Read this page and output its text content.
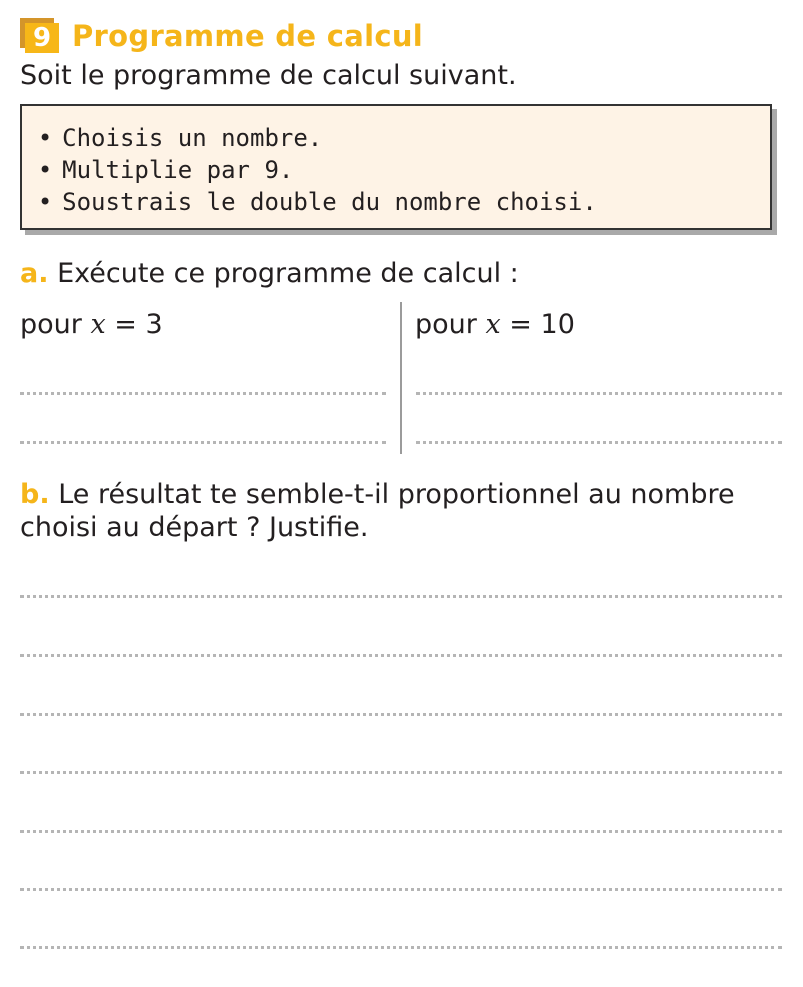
9 Programme de calcul
Soit le programme de calcul suivant.
• Choisis un nombre.
• Multiplie par 9.
• Soustrais le double du nombre choisi.
a. Exécute ce programme de calcul :
pour x = 3	pour x = 10
b. Le résultat te semble-t-il proportionnel au nombre choisi au départ ? Justifie.
